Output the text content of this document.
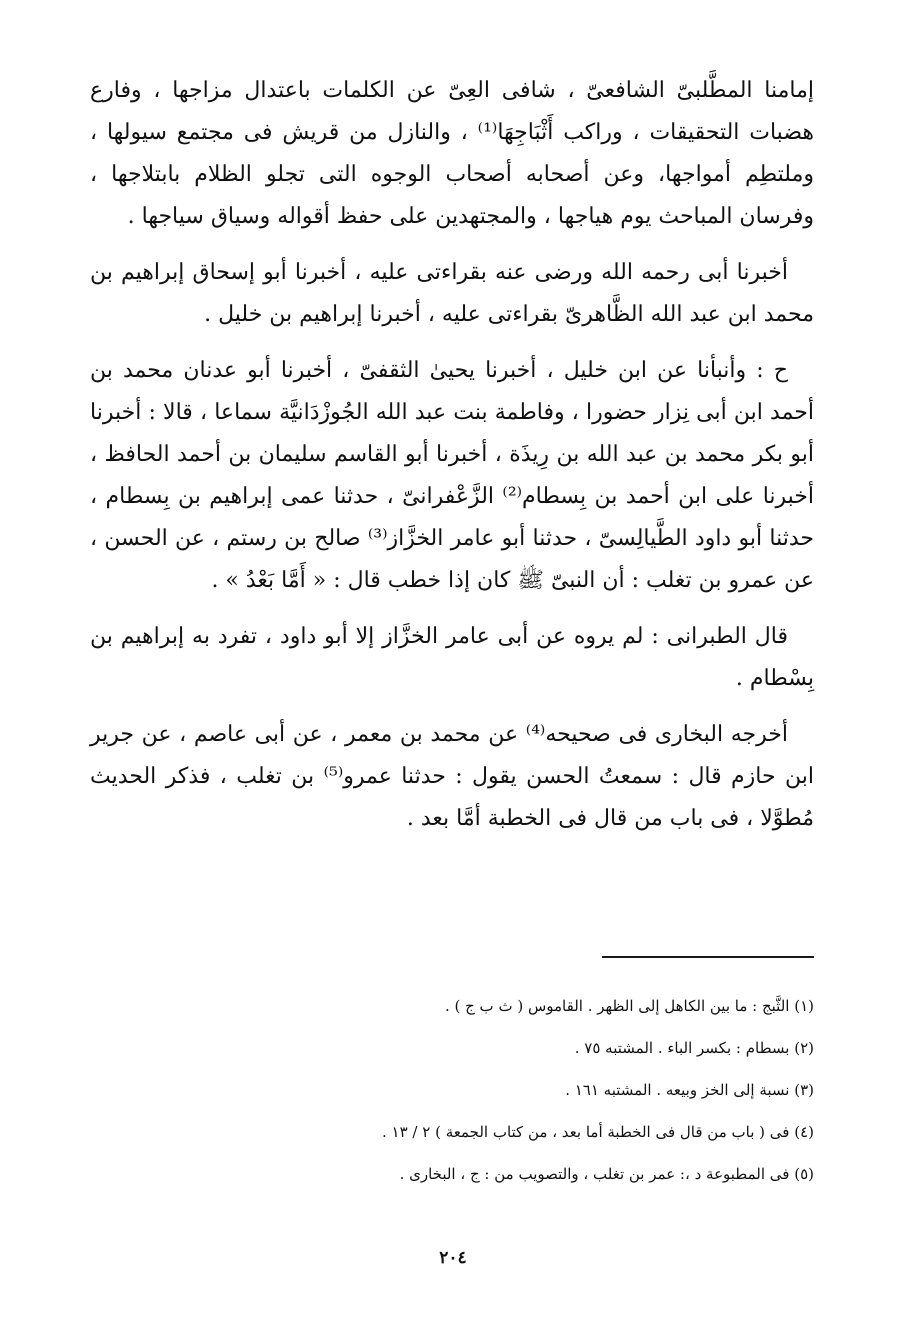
إمامنا المطَّلبىّ الشافعىّ ، شافى العِىّ عن الكلمات باعتدال مزاجها ، وفارع هضبات التحقيقات ، وراكب أَثْبَاجِهَا⁽¹⁾ ، والنازل من قريش فى مجتمع سيولها ، وملتطِم أمواجها، وعن أصحابه أصحاب الوجوه التى تجلو الظلام بابتلاجها ، وفرسان المباحث يوم هياجها ، والمجتهدين على حفظ أقواله وسياق سياجها .

أخبرنا أبى رحمه الله ورضى عنه بقراءتى عليه ، أخبرنا أبو إسحاق إبراهيم بن محمد ابن عبد الله الظَّاهرىّ بقراءتى عليه ، أخبرنا إبراهيم بن خليل .

ح : وأنبأنا عن ابن خليل ، أخبرنا يحيىٰ الثقفىّ ، أخبرنا أبو عدنان محمد بن أحمد ابن أبى نِزار حضورا ، وفاطمة بنت عبد الله الجُوزْدَانيَّة سماعا ، قالا : أخبرنا أبو بكر محمد بن عبد الله بن رِيذَة ، أخبرنا أبو القاسم سليمان بن أحمد الحافظ ، أخبرنا على ابن أحمد بن بِسطام⁽²⁾ الزَّعْفرانىّ ، حدثنا عمى إبراهيم بن بِسطام ، حدثنا أبو داود الطَّيالِسىّ ، حدثنا أبو عامر الخزَّاز⁽³⁾ صالح بن رستم ، عن الحسن ، عن عمرو بن تغلب : أن النبىّ ﷺ كان إذا خطب قال : « أَمَّا بَعْدُ » .

قال الطبرانى : لم يروه عن أبى عامر الخزَّاز إلا أبو داود ، تفرد به إبراهيم بن بِسْطام .

أخرجه البخارى فى صحيحه⁽⁴⁾ عن محمد بن معمر ، عن أبى عاصم ، عن جرير ابن حازم قال : سمعتُ الحسن يقول : حدثنا عمرو⁽⁵⁾ بن تغلب ، فذكر الحديث مُطوَّلا ، فى باب من قال فى الخطبة أمَّا بعد .

(١) الثَّبج : ما بين الكاهل إلى الظهر . القاموس ( ث ب ج ) .
(٢) بسطام : بكسر الباء . المشتبه ٧٥ .
(٣) نسبة إلى الخز وبيعه . المشتبه ١٦١ .
(٤) فى ( باب من قال فى الخطبة أما بعد ، من كتاب الجمعة ) ٢ / ١٣ .
(٥) فى المطبوعة د ،: عمر بن تغلب ، والتصويب من : ج ، البخارى .
٢٠٤
